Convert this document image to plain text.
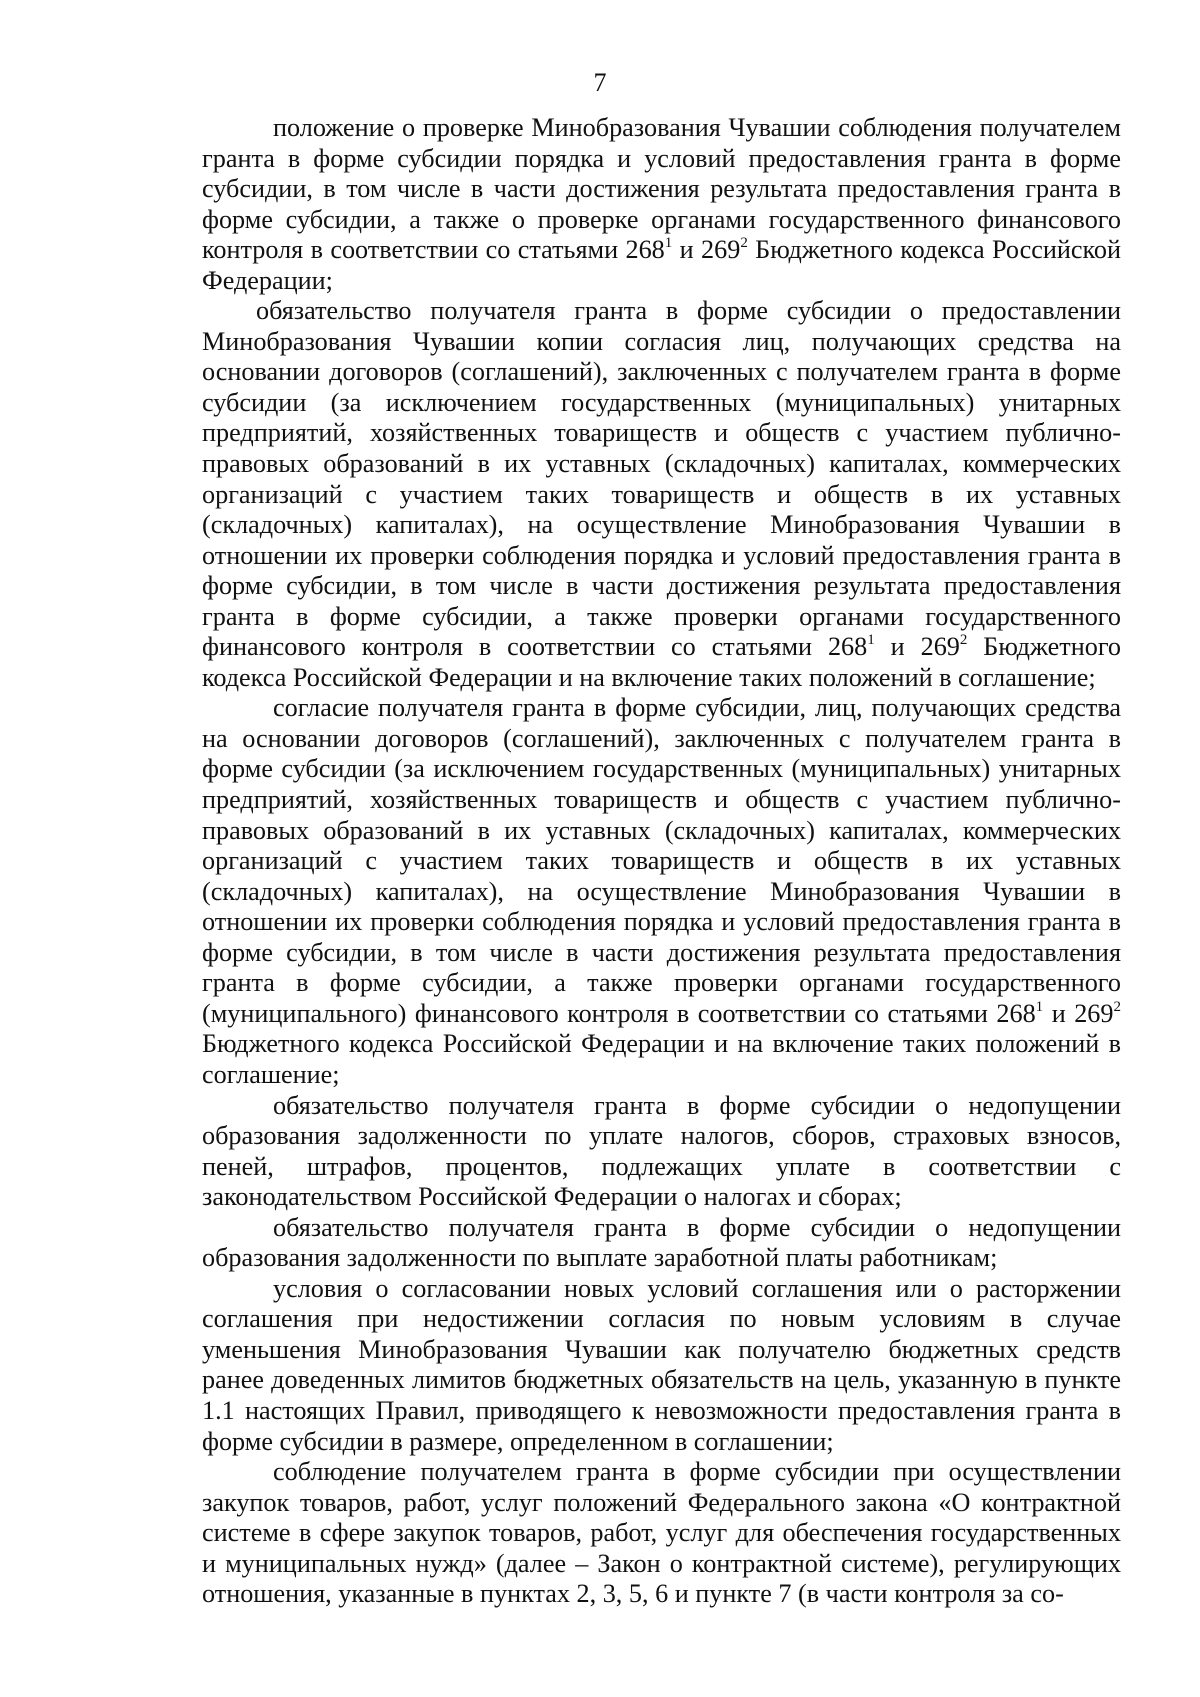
7

положение о проверке Минобразования Чувашии соблюдения получателем гранта в форме субсидии порядка и условий предоставления гранта в форме субсидии, в том числе в части достижения результата предоставления гранта в форме субсидии, а также о проверке органами государственного финансового контроля в соответствии со статьями $268^1$ и $269^2$ Бюджетного кодекса Российской Федерации;

обязательство получателя гранта в форме субсидии о предоставлении Минобразования Чувашии копии согласия лиц, получающих средства на основании договоров (соглашений), заключенных с получателем гранта в форме субсидии (за исключением государственных (муниципальных) унитарных предприятий, хозяйственных товариществ и обществ с участием публично-правовых образований в их уставных (складочных) капиталах, коммерческих организаций с участием таких товариществ и обществ в их уставных (складочных) капиталах), на осуществление Минобразования Чувашии в отношении их проверки соблюдения порядка и условий предоставления гранта в форме субсидии, в том числе в части достижения результата предоставления гранта в форме субсидии, а также проверки органами государственного финансового контроля в соответствии со статьями $268^1$ и $269^2$ Бюджетного кодекса Российской Федерации и на включение таких положений в соглашение;

согласие получателя гранта в форме субсидии, лиц, получающих средства на основании договоров (соглашений), заключенных с получателем гранта в форме субсидии (за исключением государственных (муниципальных) унитарных предприятий, хозяйственных товариществ и обществ с участием публично-правовых образований в их уставных (складочных) капиталах, коммерческих организаций с участием таких товариществ и обществ в их уставных (складочных) капиталах), на осуществление Минобразования Чувашии в отношении их проверки соблюдения порядка и условий предоставления гранта в форме субсидии, в том числе в части достижения результата предоставления гранта в форме субсидии, а также проверки органами государственного (муниципального) финансового контроля в соответствии со статьями $268^1$ и $269^2$ Бюджетного кодекса Российской Федерации и на включение таких положений в соглашение;

обязательство получателя гранта в форме субсидии о недопущении образования задолженности по уплате налогов, сборов, страховых взносов, пеней, штрафов, процентов, подлежащих уплате в соответствии с законодательством Российской Федерации о налогах и сборах;

обязательство получателя гранта в форме субсидии о недопущении образования задолженности по выплате заработной платы работникам;

условия о согласовании новых условий соглашения или о расторжении соглашения при недостижении согласия по новым условиям в случае уменьшения Минобразования Чувашии как получателю бюджетных средств ранее доведенных лимитов бюджетных обязательств на цель, указанную в пункте 1.1 настоящих Правил, приводящего к невозможности предоставления гранта в форме субсидии в размере, определенном в соглашении;

соблюдение получателем гранта в форме субсидии при осуществлении закупок товаров, работ, услуг положений Федерального закона «О контрактной системе в сфере закупок товаров, работ, услуг для обеспечения государственных и муниципальных нужд» (далее – Закон о контрактной системе), регулирующих отношения, указанные в пунктах 2, 3, 5, 6 и пункте 7 (в части контроля за со-
